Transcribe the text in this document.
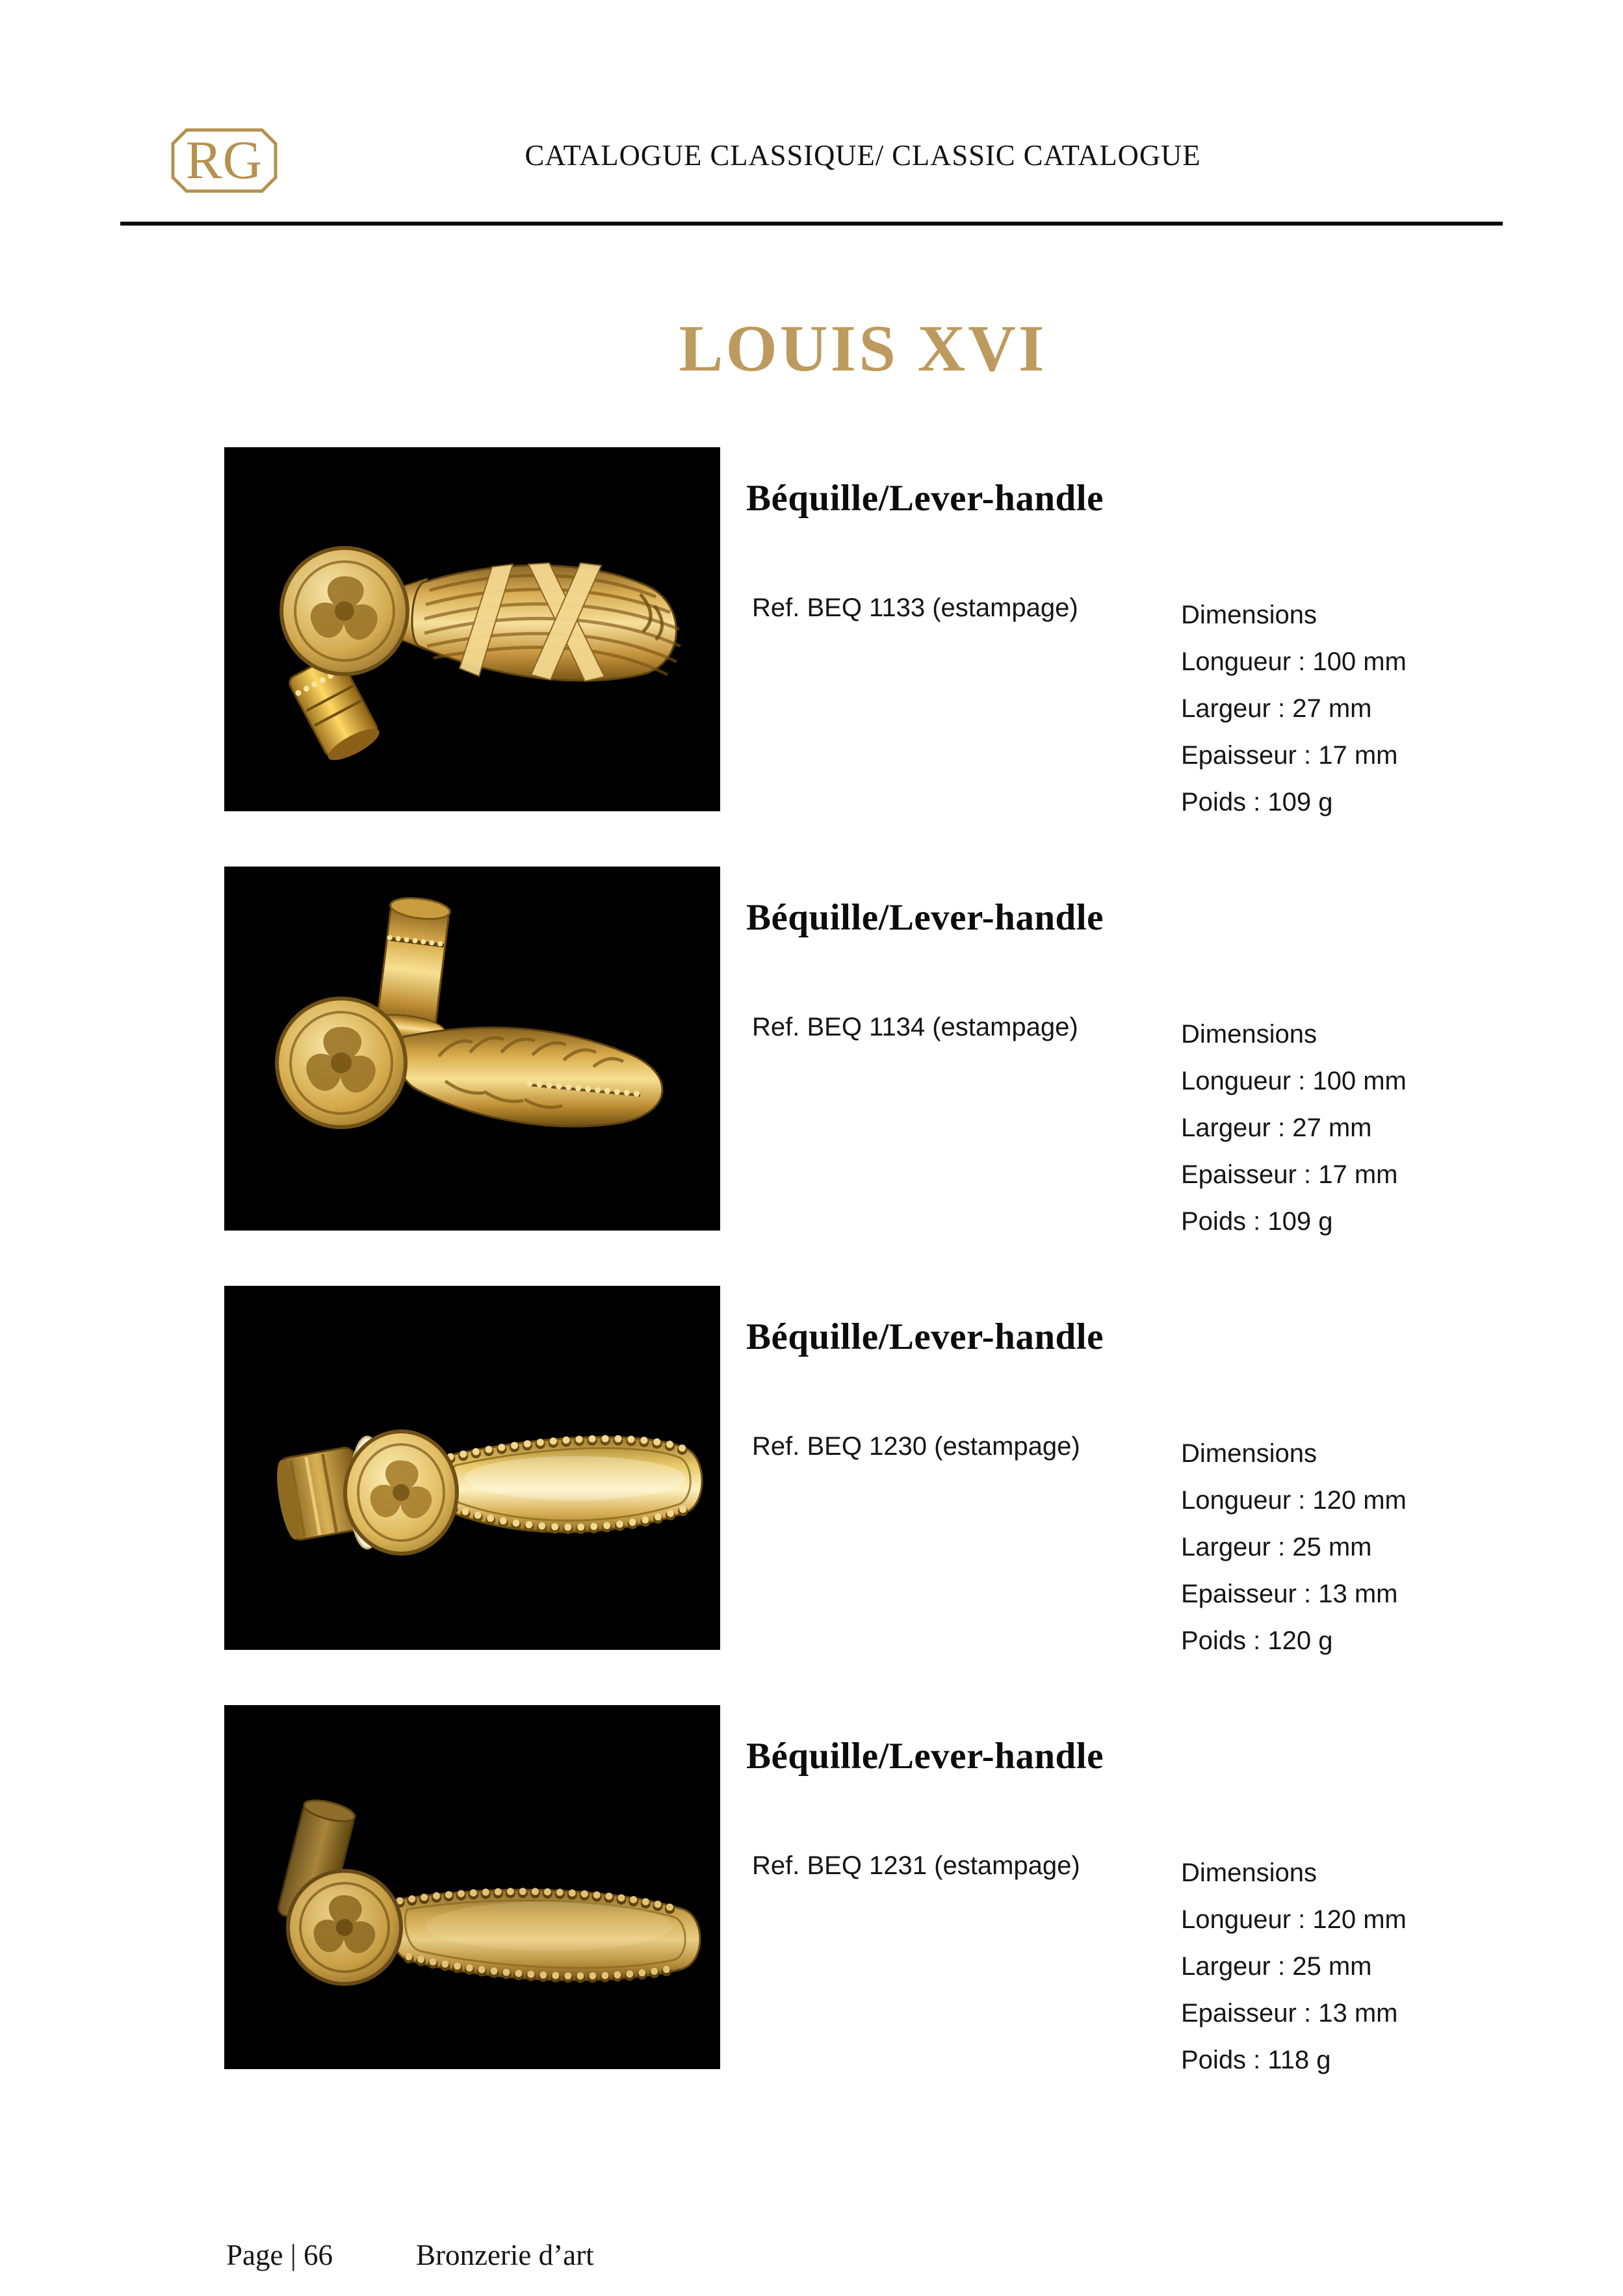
RG	CATALOGUE CLASSIQUE/ CLASSIC CATALOGUE
LOUIS XVI
Béquille/Lever-handle
Ref. BEQ 1133 (estampage)	Dimensions
Longueur : 100 mm
Largeur : 27 mm
Epaisseur : 17 mm
Poids : 109 g
Béquille/Lever-handle
Ref. BEQ 1134 (estampage)	Dimensions
Longueur : 100 mm
Largeur : 27 mm
Epaisseur : 17 mm
Poids : 109 g
Béquille/Lever-handle
Ref. BEQ 1230 (estampage)	Dimensions
Longueur : 120 mm
Largeur : 25 mm
Epaisseur : 13 mm
Poids : 120 g
Béquille/Lever-handle
Ref. BEQ 1231 (estampage)	Dimensions
Longueur : 120 mm
Largeur : 25 mm
Epaisseur : 13 mm
Poids : 118 g
Page | 66	Bronzerie d’art
